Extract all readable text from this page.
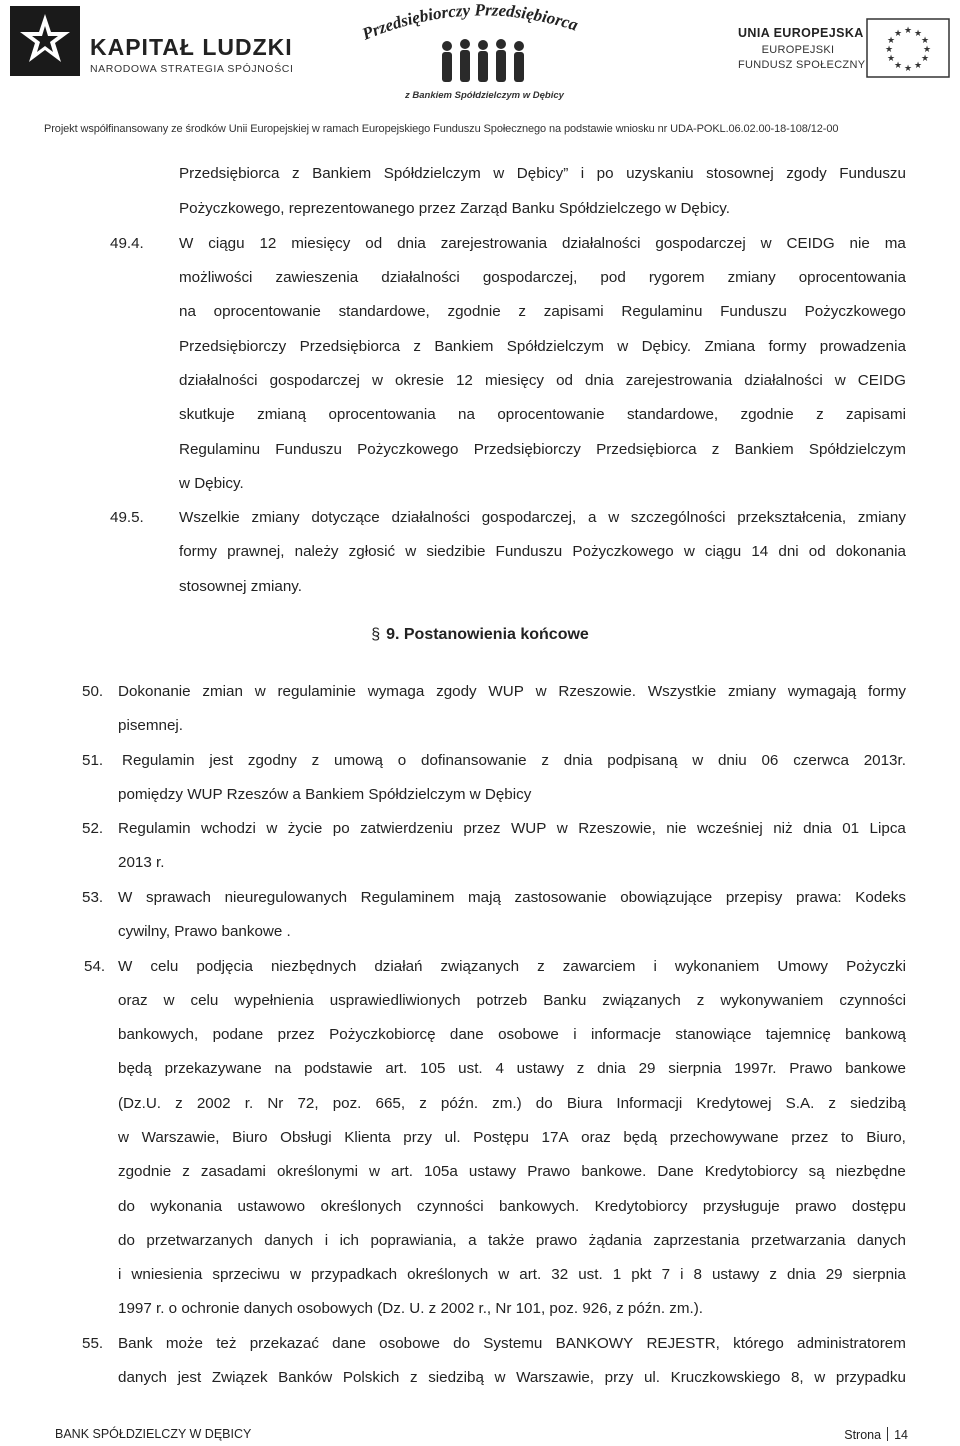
KAPITAŁ LUDZKI
NARODOWA STRATEGIA SPÓJNOŚCI
Przedsiębiorczy Przedsiębiorca
z Bankiem Spółdzielczym w Dębicy
UNIA EUROPEJSKA
EUROPEJSKI
FUNDUSZ SPOŁECZNY
★ ★
★
★
★
★
★
★
★
★
★
★
Projekt współfinansowany ze środków Unii Europejskiej w ramach Europejskiego Funduszu Społecznego na podstawie wniosku nr UDA-POKL.06.02.00-18-108/12-00
Przedsiębiorca z Bankiem Spółdzielczym w Dębicy” i po uzyskaniu stosownej zgody Funduszu
Pożyczkowego, reprezentowanego przez Zarząd Banku Spółdzielczego w Dębicy.
49.4. W ciągu 12 miesięcy od dnia zarejestrowania działalności gospodarczej w CEIDG nie ma
możliwości zawieszenia działalności gospodarczej, pod rygorem zmiany oprocentowania
na oprocentowanie standardowe, zgodnie z zapisami Regulaminu Funduszu Pożyczkowego
Przedsiębiorczy Przedsiębiorca z Bankiem Spółdzielczym w Dębicy. Zmiana formy prowadzenia
działalności gospodarczej w okresie 12 miesięcy od dnia zarejestrowania działalności w CEIDG
skutkuje zmianą oprocentowania na oprocentowanie standardowe, zgodnie z zapisami
Regulaminu Funduszu Pożyczkowego Przedsiębiorczy Przedsiębiorca z Bankiem Spółdzielczym
w Dębicy.
49.5. Wszelkie zmiany dotyczące działalności gospodarczej, a w szczególności przekształcenia, zmiany
formy prawnej, należy zgłosić w siedzibie Funduszu Pożyczkowego w ciągu 14 dni od dokonania
stosownej zmiany.
§ 9. Postanowienia końcowe
50. Dokonanie zmian w regulaminie wymaga zgody WUP w Rzeszowie. Wszystkie zmiany wymagają formy
pisemnej.
51. Regulamin jest zgodny z umową o dofinansowanie z dnia podpisaną w dniu 06 czerwca 2013r.
pomiędzy WUP Rzeszów a Bankiem Spółdzielczym w Dębicy
52. Regulamin wchodzi w życie po zatwierdzeniu przez WUP w Rzeszowie, nie wcześniej niż dnia 01 Lipca
2013 r.
53. W sprawach nieuregulowanych Regulaminem mają zastosowanie obowiązujące przepisy prawa: Kodeks
cywilny, Prawo bankowe .
54. W celu podjęcia niezbędnych działań związanych z zawarciem i wykonaniem Umowy Pożyczki
oraz w celu wypełnienia usprawiedliwionych potrzeb Banku związanych z wykonywaniem czynności
bankowych, podane przez Pożyczkobiorcę dane osobowe i informacje stanowiące tajemnicę bankową
będą przekazywane na podstawie art. 105 ust. 4 ustawy z dnia 29 sierpnia 1997r. Prawo bankowe
(Dz.U. z 2002 r. Nr 72, poz. 665, z późn. zm.) do Biura Informacji Kredytowej S.A. z siedzibą
w Warszawie, Biuro Obsługi Klienta przy ul. Postępu 17A oraz będą przechowywane przez to Biuro,
zgodnie z zasadami określonymi w art. 105a ustawy Prawo bankowe. Dane Kredytobiorcy są niezbędne
do wykonania ustawowo określonych czynności bankowych. Kredytobiorcy przysługuje prawo dostępu
do przetwarzanych danych i ich poprawiania, a także prawo żądania zaprzestania przetwarzania danych
i wniesienia sprzeciwu w przypadkach określonych w art. 32 ust. 1 pkt 7 i 8 ustawy z dnia 29 sierpnia
1997 r. o ochronie danych osobowych (Dz. U. z 2002 r., Nr 101, poz. 926, z późn. zm.).
55. Bank może też przekazać dane osobowe do Systemu BANKOWY REJESTR, którego administratorem
danych jest Związek Banków Polskich z siedzibą w Warszawie, przy ul. Kruczkowskiego 8, w przypadku
BANK SPÓŁDZIELCZY W DĘBICY	Strona 14
